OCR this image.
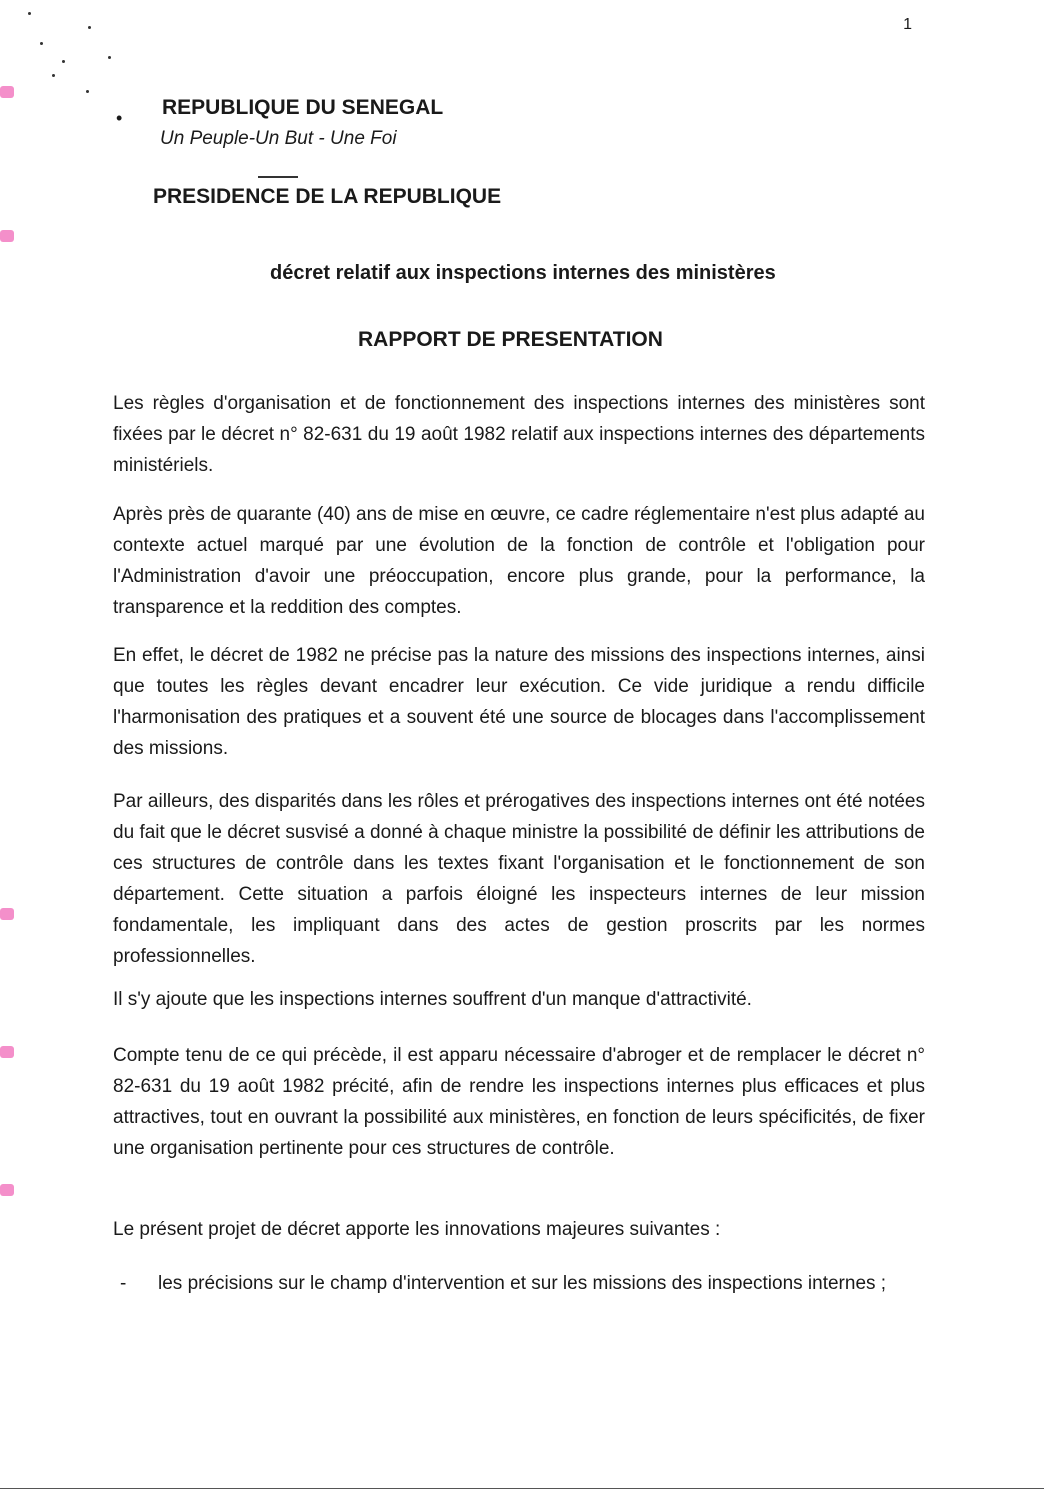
1
• REPUBLIQUE DU SENEGAL
Un Peuple-Un But - Une Foi
PRESIDENCE DE LA REPUBLIQUE
décret relatif aux inspections internes des ministères
RAPPORT DE PRESENTATION

Les règles d'organisation et de fonctionnement des inspections internes des ministères sont fixées par le décret n° 82-631 du 19 août 1982 relatif aux inspections internes des départements ministériels.

Après près de quarante (40) ans de mise en œuvre, ce cadre réglementaire n'est plus adapté au contexte actuel marqué par une évolution de la fonction de contrôle et l'obligation pour l'Administration d'avoir une préoccupation, encore plus grande, pour la performance, la transparence et la reddition des comptes.

En effet, le décret de 1982 ne précise pas la nature des missions des inspections internes, ainsi que toutes les règles devant encadrer leur exécution. Ce vide juridique a rendu difficile l'harmonisation des pratiques et a souvent été une source de blocages dans l'accomplissement des missions.

Par ailleurs, des disparités dans les rôles et prérogatives des inspections internes ont été notées du fait que le décret susvisé a donné à chaque ministre la possibilité de définir les attributions de ces structures de contrôle dans les textes fixant l'organisation et le fonctionnement de son département. Cette situation a parfois éloigné les inspecteurs internes de leur mission fondamentale, les impliquant dans des actes de gestion proscrits par les normes professionnelles.

Il s'y ajoute que les inspections internes souffrent d'un manque d'attractivité.

Compte tenu de ce qui précède, il est apparu nécessaire d'abroger et de remplacer le décret n° 82-631 du 19 août 1982 précité, afin de rendre les inspections internes plus efficaces et plus attractives, tout en ouvrant la possibilité aux ministères, en fonction de leurs spécificités, de fixer une organisation pertinente pour ces structures de contrôle.

Le présent projet de décret apporte les innovations majeures suivantes :

- les précisions sur le champ d'intervention et sur les missions des inspections internes ;
